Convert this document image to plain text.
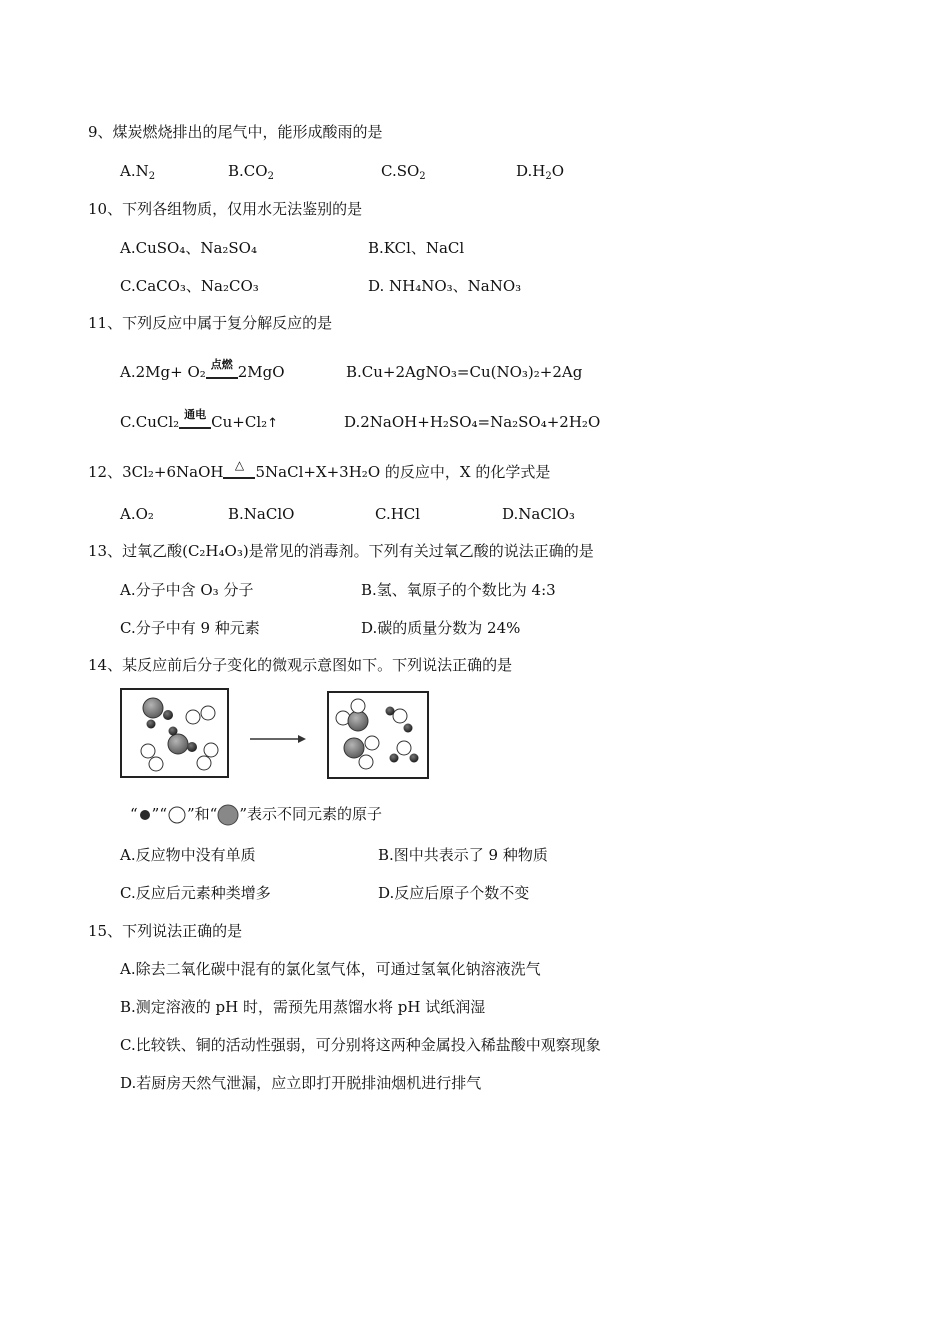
9、煤炭燃烧排出的尾气中，能形成酸雨的是
$A.N_2$	$B.CO_2$	$C.SO_2$	$D.H_2O$
10、下列各组物质，仅用水无法鉴别的是
A.CuSO₄、Na₂SO₄	B.KCl、NaCl
C.CaCO₃、Na₂CO₃	D. NH₄NO₃、NaNO₃
11、下列反应中属于复分解反应的是
A.2Mg+ O₂ 点燃 2MgO	B.Cu+2AgNO₃=Cu(NO₃)₂+2Ag
C.CuCl₂ 通电 Cu+Cl₂↑	D.2NaOH+H₂SO₄=Na₂SO₄+2H₂O
12、3Cl₂+6NaOH △ 5NaCl+X+3H₂O 的反应中，X 的化学式是
A.O₂	B.NaClO	C.HCl	D.NaClO₃
13、过氧乙酸(C₂H₄O₃)是常见的消毒剂。下列有关过氧乙酸的说法正确的是
A.分子中含 O₃ 分子	B.氢、氧原子的个数比为 4:3
C.分子中有 9 种元素	D.碳的质量分数为 24%
14、某反应前后分子变化的微观示意图如下。下列说法正确的是
“ ”“ ”和“ ”表示不同元素的原子
A.反应物中没有单质	B.图中共表示了 9 种物质
C.反应后元素种类增多	D.反应后原子个数不变
15、下列说法正确的是
A.除去二氧化碳中混有的氯化氢气体，可通过氢氧化钠溶液洗气
B.测定溶液的 pH 时，需预先用蒸馏水将 pH 试纸润湿
C.比较铁、铜的活动性强弱，可分别将这两种金属投入稀盐酸中观察现象
D.若厨房天然气泄漏，应立即打开脱排油烟机进行排气
